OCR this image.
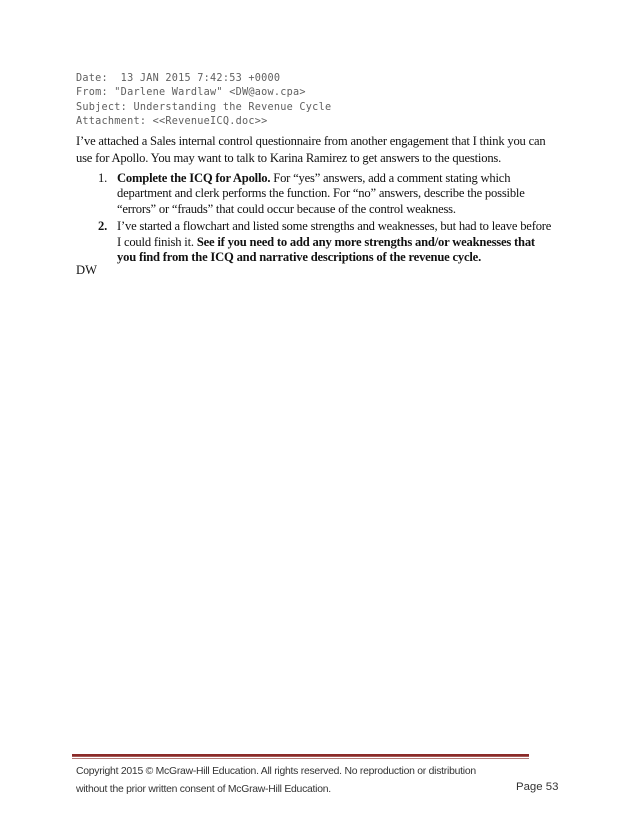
Date:  13 JAN 2015 7:42:53 +0000
From: "Darlene Wardlaw" <DW@aow.cpa>
Subject: Understanding the Revenue Cycle
Attachment: <<RevenueICQ.doc>>
I’ve attached a Sales internal control questionnaire from another engagement that I think you can use for Apollo. You may want to talk to Karina Ramirez to get answers to the questions.
1. Complete the ICQ for Apollo. For “yes” answers, add a comment stating which department and clerk performs the function. For “no” answers, describe the possible “errors” or “frauds” that could occur because of the control weakness.
2. I’ve started a flowchart and listed some strengths and weaknesses, but had to leave before I could finish it. See if you need to add any more strengths and/or weaknesses that you find from the ICQ and narrative descriptions of the revenue cycle.
DW
Copyright 2015 © McGraw-Hill Education. All rights reserved. No reproduction or distribution
without the prior written consent of McGraw-Hill Education.	Page 53
